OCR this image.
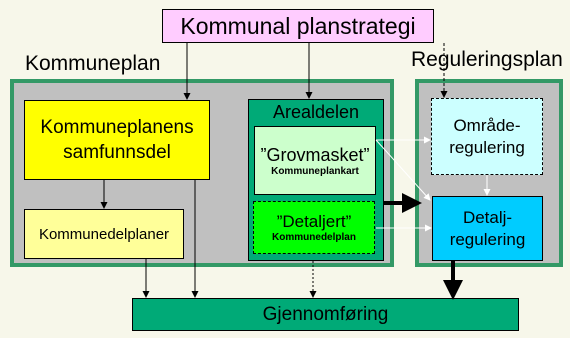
Kommunal planstrategi
Kommuneplan	Reguleringsplan
Kommuneplanens samfunnsdel
Kommunedelplaner
Arealdelen
”Grovmasket”
Kommuneplankart
”Detaljert”
Kommunedelplan
Område-regulering
Detalj-regulering
Gjennomføring
